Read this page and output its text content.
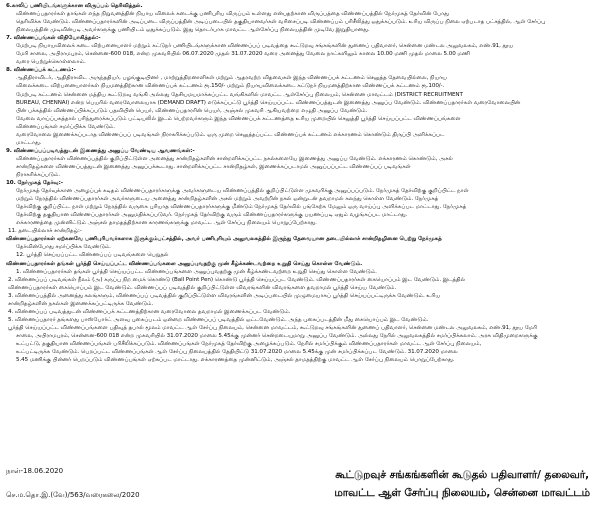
6.காலிப் பணியிடங்களுக்கான விருப்பம் தெரிவித்தல்.
விண்ணப்பதாரர்கள் தாங்கள் எந்த நிறுவனத்தின் நியாய விலைக் கடைக்கு பணிபுரிய விருப்பம் உள்ளது என்பதற்கான விருப்பத்தை விண்ணப்பத்தில் நேர்முகத் தேர்வின் போது
தெரிவிக்க வேண்டும். விண்ணப்பதாரர்களின் அடிப்படை விருப்பத்தின் அடிப்படையில் தகுதியானவர்கள் வரிசைப்படி விண்ணப்பம் பரிசீலித்து ஒதுக்கப்படும். உரிய விருப்ப நிலை ஏற்படாத பட்சத்தில், ஆள் சேர்ப்பு
நிலையத்தின் முடிவின்படி அவர்களுக்கு பணியிடம் ஒதுக்கப்படும். இது தொடர்பாக மாவட்ட ஆள்சேர்ப்பு நிலையத்தின் முடிவே இறுதியானது.
7. விண்ணப்பங்கள் விநியோகித்தல்:-
மேற்படி நியாயவிலைக் கடை விற்பனையாளர் மற்றும் கட்டுநர் பணியிடங்களுக்கான விண்ணப்பப் படிவத்தை கூட்டுறவு சங்கங்களின் துணைப் பதிவாளர், சென்னை மண்டல அலுவலகம், எண்.91, தூய
மேரி சாலை, அபிராமபுரம், சென்னை-600 018, என்ற முகவரியில் 06.07.2020 முதல் 31.07.2020 வரை அனைத்து வேலை நாட்களிலும் காலை 10.00 மணி முதல் மாலை 5.00 மணி
வரை பெற்றுக்கொள்ளலாம்.
8. விண்ணப்பக் கட்டணம்:-
ஆதிதிராவிடர், ஆதிதிராவிட அருந்ததியர், பழங்குடியினர் , மாற்றுத்திறனாளிகள் மற்றும் ஆதரவற்ற விதவைகள் இந்த விண்ணப்பக் கட்டணம் செலுத்த தேவையில்லை, நியாய
விலைக்கடை விற்பனையாளர்கள் நியமனத்திற்கான விண்ணப்பக் கட்டணம் ரூ.150/- மற்றும் நியாயவிலைக்கடை கட்டுநர் நியமனத்திற்கான விண்ணப்பக் கட்டணம் ரூ.100/-.
மேற்படி கட்டணம் சென்னை மத்திய கூட்டுறவு வங்கி அல்லது தேசியமயமாக்கப்பட்ட வங்கிகளில் மாவட்ட ஆள்சேர்ப்பு நிலையம், சென்னை மாவட்டம் (DISTRICT RECRUITMENT
BUREAU, CHENNAI) என்ற பெயரில் வரைவோலையாக (DEMAND DRAFT) எடுக்கப்பட்டு பூர்த்தி செய்யப்பட்ட விண்ணப்பத்துடன் இணைத்து அனுப்ப வேண்டும். விண்ணப்பதாரர்கள் வரைவோலையின்
பின் பக்கத்தில் விண்ணப்பிக்கப்படும் பதவியின் பெயர், விண்ணப்பதாரரின் பெயர், அஞ்சல் முகவரி ஆகியவற்றை எழுதி அனுப்ப வேண்டும்.
வேலை வாய்ப்பகத்தால் பரிந்துரைக்கப்படும் பட்டியலில் இடம் பெற்றவர்களும் இந்த விண்ணப்பக் கட்டணத்தை உரிய முறையில் செலுத்தி பூர்த்தி செய்யப்பட்ட விண்ணப்பங்களை
விண்ணப்பங்கள் சமர்ப்பிக்க வேண்டும்.
வரைவோலை இணைக்கப்படாத விண்ணப்பப் படிவங்கள் நிராகரிக்கப்படும். ஒரு முறை செலுத்தப்பட்ட விண்ணப்பக் கட்டணம் எக்காரணம் கொண்டும் திருப்பி அளிக்கப்பட
மாட்டாது.
9. விண்ணப்பப்படிவத்துடன் இணைத்து அனுப்ப வேண்டிய ஆவணங்கள்:-
விண்ணப்பதாரர்கள் விண்ணப்பத்தில் குறிப்பிட்டுள்ள அனைத்து சான்றிதழ்களின் சான்றளிக்கப்பட்ட நகல்களையே இணைத்து அனுப்ப வேண்டும். எக்காரணம் கொண்டும், அசல்
சான்றிதழ்களை விண்ணப்பத்துடன் இணைத்து அனுப்பக்கூடாது. சான்றளிக்கப்பட்ட சான்றிதழ்கள், இணைக்கப்படாமல் அனுப்பப்பட்ட விண்ணப்பப் படிவங்கள்
நிராகரிக்கப்படும்.
10. நேர்முகத் தேர்வு:-
நேர்முகத் தேர்வுக்கான அழைப்புக் கடிதம் விண்ணப்பதாரர்களுக்கு அவர்களுடைய விண்ணப்பத்தில் குறிப்பிட்டுள்ள முகவரிக்கு அனுப்பப்படும். நேர்முகத் தேர்விற்கு குறிப்பிட்ட நாள்
மற்றும் நேரத்தில் விண்ணப்பதாரர்கள் அவர்களுடைய அனைத்து சான்றிதழ்களின் அசல் மற்றும் அவற்றின் நகல் ஒன்றுடன் தவறாமல் கலந்து கொள்ள வேண்டும். நேர்முகத்
தேர்விற்கு குறிப்பிட்ட நாள் மற்றும் நேரத்தில் வருகை புரியாத விண்ணப்பதாரர்களுக்கு மீண்டும் நேர்முகத் தேர்வில் பங்கேற்க மேலும் ஒரு வாய்ப்பு அளிக்கப்பட மாட்டாது. நேர்முகத்
தேர்விற்கு தகுதியான விண்ணப்பதாரர்கள் அனுமதிக்கப்படுவர். நேர்முகத் தேர்விற்கு வரும் விண்ணப்பதாரர்களுக்கு பயணப்படி ஏதும் வழங்கப்பட மாட்டாது.
எக்காரணத்தை முன்னிட்டும் அஞ்சல் தாமதத்திற்கான காரணங்களுக்கு மாவட்ட ஆள் சேர்ப்பு நிலையம் பொறுப்பேற்காது.
11. தடையில்லாச் சான்றிதழ்:-
விண்ணப்பதாரர்கள் ஏற்கனவே பணிபுரிபவர்களாக இருக்கும்பட்சத்தில், அவர் பணிபுரியும் அலுவலகத்தில் இருந்து தேவையான தடையில்லாச் சான்றிதழினை பெற்று நேர்முகத்
தேர்வின்போது சமர்ப்பிக்க வேண்டும்.
12. பூர்த்தி செய்யப்பட்ட விண்ணப்பப் படிவங்களை பெறுதல்
விண்ணப்பதாரர்கள் தங்கள் பூர்த்தி செய்யப்பட்ட விண்ணப்பங்களை அனுப்புவதற்கு முன் கீழ்க்கண்டவற்றை உறுதி செய்து கொள்ள வேண்டும்.
1. விண்ணப்பதாரர்கள் தங்கள் பூர்த்தி செய்யப்பட்ட விண்ணப்பங்களை அனுப்புவதற்கு முன் கீழ்க்கண்டவற்றை உறுதி செய்து கொள்ள வேண்டும்.
2. விண்ணப்பப் படிவங்கள் நீலம் (அ) கருப்பு நிற மைக் கொண்டு (Ball Point Pen) கொண்டு பூர்த்தி செய்யப்பட வேண்டும். விண்ணப்பதாரர்கள் கையொப்பம் இட வேண்டும். இடத்தில்
விண்ணப்பதாரர்கள் கையொப்பம் இட வேண்டும். விண்ணப்பப் படிவத்தில் குறிப்பிட்டுள்ள விவரங்களின் விவரங்களை தவறாமல் பூர்த்தி செய்ய வேண்டும்.
3. விண்ணப்பத்தில் அனைத்து கலங்களும், விண்ணப்பப் படிவத்தில் குறிப்பிட்டுள்ள விவரங்களின் அடிப்படையில் முழுமையாகப் பூர்த்தி செய்யப்பட்டிருக்க வேண்டும். உரிய
சான்றிதழ்களின் நகல்கள் இணைக்கப்பட்டிருக்க வேண்டும்.
4. விண்ணப்பப் படிவத்துடன் விண்ணப்பக் கட்டணத்திற்கான வரைவோலை தவறாமல் இணைக்கப்பட வேண்டும்.
5. விண்ணப்பதாரர் தங்களது பாஸ்போர்ட் அளவு புகைப்படம் ஒன்றை விண்ணப்பப் படிவத்தில் ஒட்டவேண்டும். அந்த புகைப்படத்தின் மீது கையொப்பம் இட வேண்டும்.
பூர்த்தி செய்யப்பட்ட விண்ணப்பங்களை பதிவுத் தபால் மூலம் மாவட்ட ஆள் சேர்ப்பு நிலையம், சென்னை மாவட்டம், கூட்டுறவு சங்கங்களின் துணைப் பதிவாளர், சென்னை மண்டல அலுவலகம், எண்.91, தூய மேரி
சாலை, அபிராமபுரம், சென்னை-600 018 என்ற முகவரியில் 31.07.2020 மாலை 5.45க்கு முன்னர் சென்றடையுமாறு அனுப்ப வேண்டும். அல்லது நேரில் அலுவலகத்தில் சமர்ப்பிக்கலாம். அரசு விதிமுறைகளுக்கு
உட்பட்டு, தகுதியான விண்ணப்பங்கள் பரிசீலிக்கப்படும். விண்ணப்பங்கள் நேர்முகத் தேர்விற்கு அழைக்கப்படும். நேரில் சமர்ப்பிக்கும் விண்ணப்பதாரர்கள் மாவட்ட ஆள் சேர்ப்பு நிலையம்,
உட்பட்டிருக்க வேண்டும். பெறப்பட்ட விண்ணப்பங்கள் ஆள் சேர்ப்பு நிலையத்தில் தேதியிட்டு 31.07.2020 மாலை 5.45க்கு முன் சமர்ப்பிக்கப்பட வேண்டும். 31.07.2020 மாலை
5.45 மணிக்கு பின்னர் பெறப்படும் விண்ணப்பங்கள் ஏற்கப்பட மாட்டாது. எக்காரணத்தை முன்னிட்டும், அஞ்சல் தாமதத்திற்கு மாவட்ட ஆள் சேர்ப்பு நிலையம் பொறுப்பேற்காது.
நாள்-18.06.2020
செ.ம.தொ.இ.(வே)/563/வரைகலை/2020
கூட்டுறவுச் சங்கங்களின் கூடுதல் பதிவாளர்/ தலைவர்,
மாவட்ட ஆள் சேர்ப்பு நிலையம், சென்னை மாவட்டம்
